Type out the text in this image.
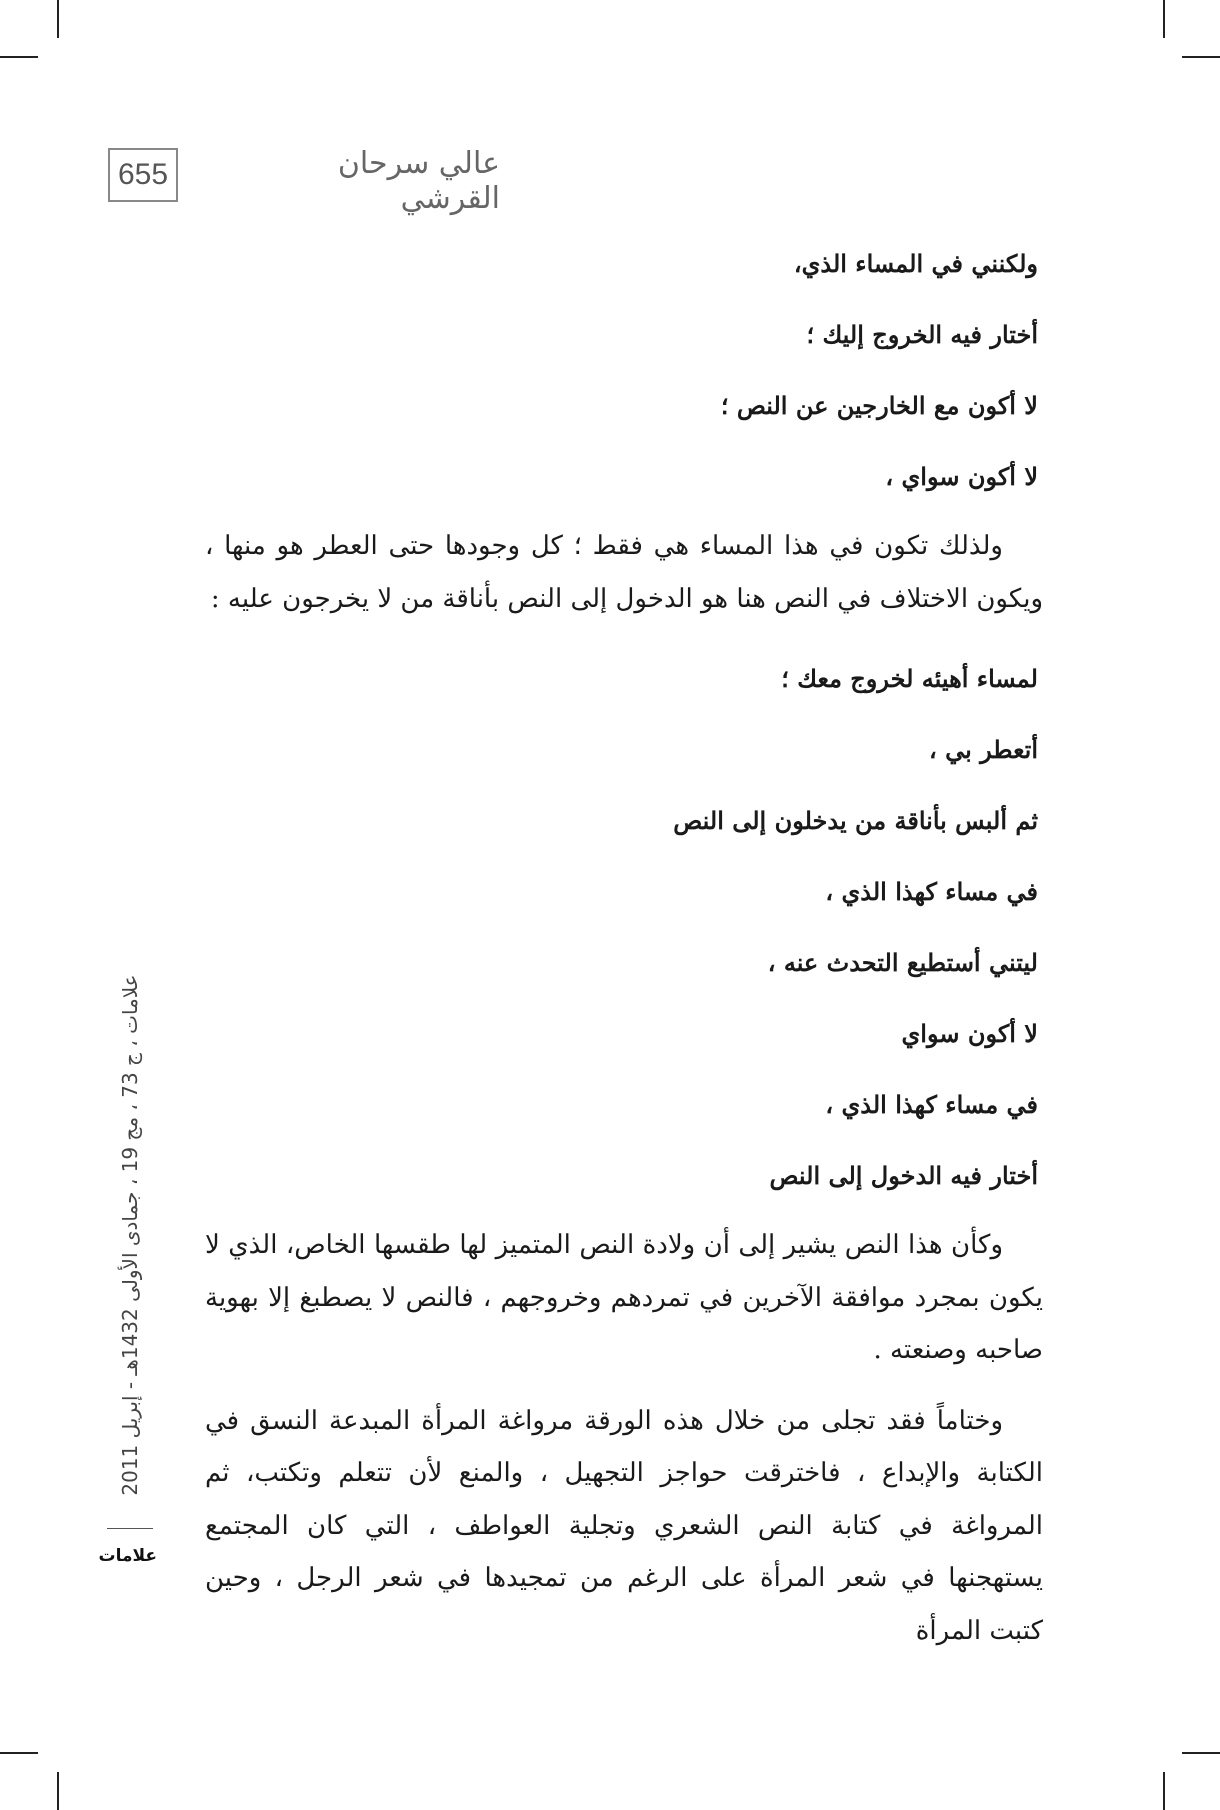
655	عالي سرحان القرشي
ولكنني في المساء الذي،
أختار فيه الخروج إليك ؛
لا أكون مع الخارجين عن النص ؛
لا أكون سواي ،

ولذلك تكون في هذا المساء هي فقط ؛ كل وجودها حتى العطر هو منها ، ويكون الاختلاف في النص هنا هو الدخول إلى النص بأناقة من لا يخرجون عليه :

لمساء أهيئه لخروج معك ؛
أتعطر بي ،
ثم ألبس بأناقة من يدخلون إلى النص
في مساء كهذا الذي ،
ليتني أستطيع التحدث عنه ،
لا أكون سواي
في مساء كهذا الذي ،
أختار فيه الدخول إلى النص

وكأن هذا النص يشير إلى أن ولادة النص المتميز لها طقسها الخاص، الذي لا يكون بمجرد موافقة الآخرين في تمردهم وخروجهم ، فالنص لا يصطبغ إلا بهوية صاحبه وصنعته .

وختاماً فقد تجلى من خلال هذه الورقة مرواغة المرأة المبدعة النسق في الكتابة والإبداع ، فاخترقت حواجز التجهيل ، والمنع لأن تتعلم وتكتب، ثم المرواغة في كتابة النص الشعري وتجلية العواطف ، التي كان المجتمع يستهجنها في شعر المرأة على الرغم من تمجيدها في شعر الرجل ، وحين كتبت المرأة

علامات ، ج 73 ، مج 19 ، جمادى الأولى 1432هـ - إبريل 2011
علامات
